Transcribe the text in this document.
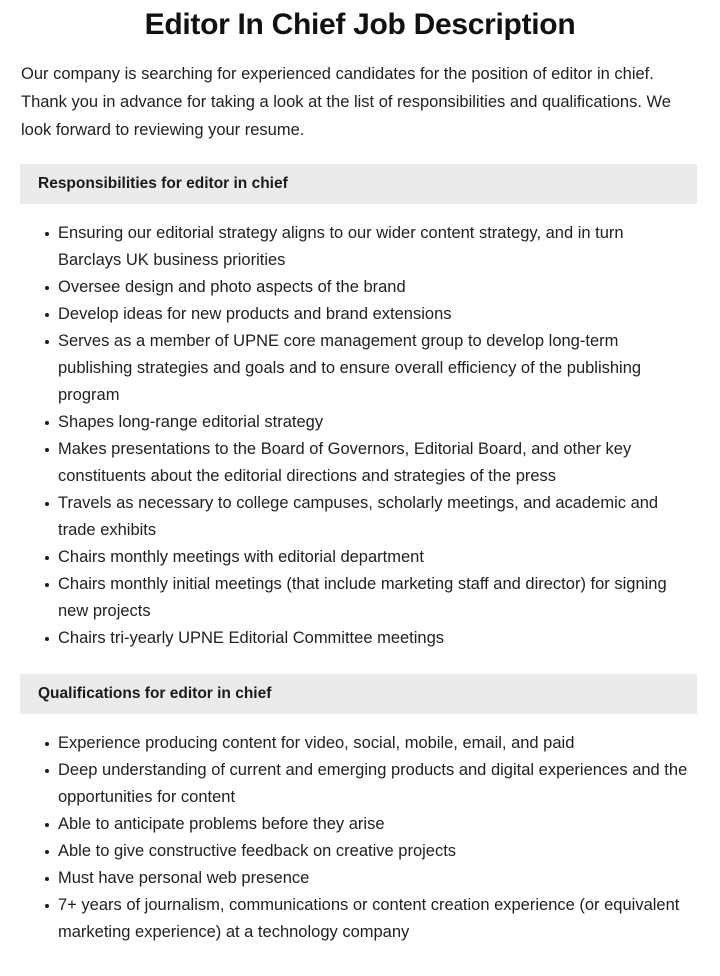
Editor In Chief Job Description

Our company is searching for experienced candidates for the position of editor in chief. Thank you in advance for taking a look at the list of responsibilities and qualifications. We look forward to reviewing your resume.

Responsibilities for editor in chief
Ensuring our editorial strategy aligns to our wider content strategy, and in turn Barclays UK business priorities
Oversee design and photo aspects of the brand
Develop ideas for new products and brand extensions
Serves as a member of UPNE core management group to develop long-term publishing strategies and goals and to ensure overall efficiency of the publishing program
Shapes long-range editorial strategy
Makes presentations to the Board of Governors, Editorial Board, and other key constituents about the editorial directions and strategies of the press
Travels as necessary to college campuses, scholarly meetings, and academic and trade exhibits
Chairs monthly meetings with editorial department
Chairs monthly initial meetings (that include marketing staff and director) for signing new projects
Chairs tri-yearly UPNE Editorial Committee meetings
Qualifications for editor in chief
Experience producing content for video, social, mobile, email, and paid
Deep understanding of current and emerging products and digital experiences and the opportunities for content
Able to anticipate problems before they arise
Able to give constructive feedback on creative projects
Must have personal web presence
7+ years of journalism, communications or content creation experience (or equivalent marketing experience) at a technology company
